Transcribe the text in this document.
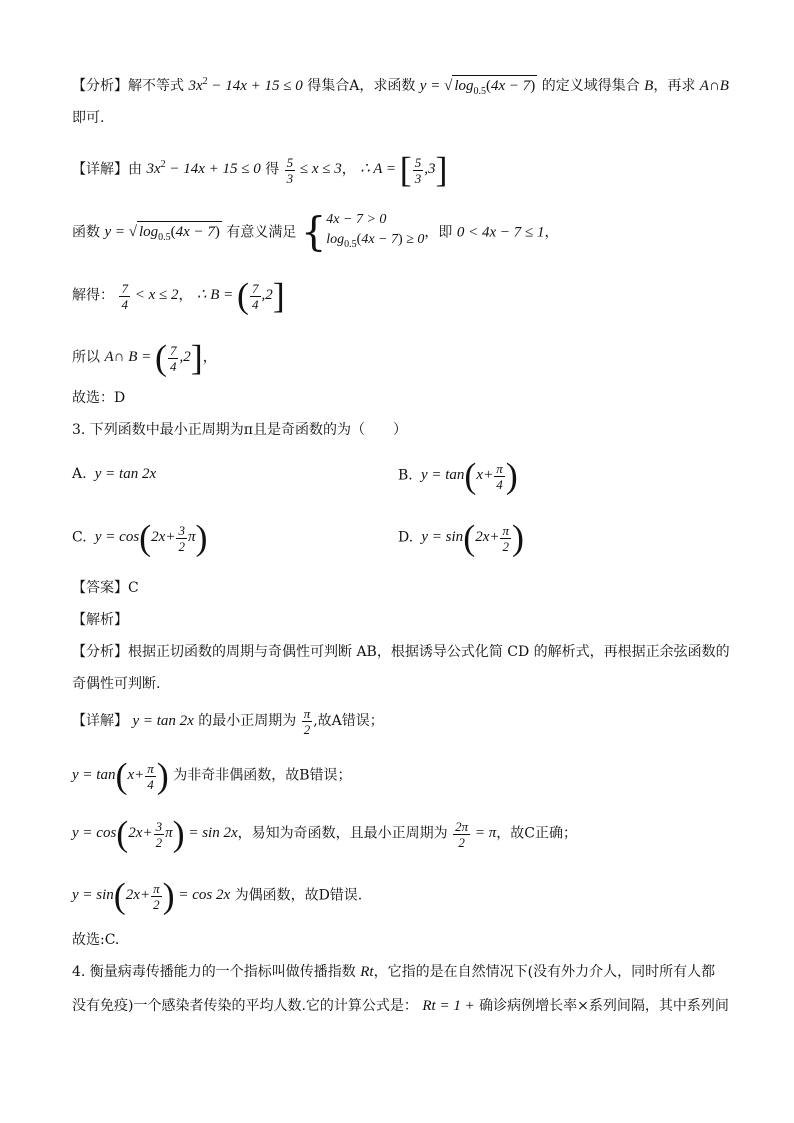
【分析】解不等式 $3x^2 - 14x + 15 \le 0$ 得集合A，求函数 y = √ $\log_{0.5}(4x - 7)$ 的定义域得集合 B，再求 A∩B
即可.
【详解】由 $3x^2 - 14x + 15 \le 0$ 得 $\frac{5}{3} \le x \le 3$， ∴ A = [ $\frac{5}{3} ,3$]
函数 y = √ $\log_{0.5}(4x - 7)$ 有意义满足 { 4x − 7 > 0
$\log_{0.5}(4x - 7) \ge 0$ ，即 0 < 4x − 7 ≤ 1，
解得： $\frac{7}{4} < x \le 2$， ∴ B = ( $\frac{7}{4} ,2$]
所以 A∩ B = ( $\frac{7}{4} ,2$]，
故选：D
3. 下列函数中最小正周期为π且是奇函数的为（　　）
A.  y = tan 2x	B.  $y = \tan(x+ \frac{\pi}{4}$ )
C.  $y = \cos(2x+ \frac{3}{2} \pi)$	D.  $y = \sin(2x+ \frac{\pi}{2}$ )
【答案】C
【解析】
【分析】根据正切函数的周期与奇偶性可判断 AB，根据诱导公式化简 CD 的解析式，再根据正余弦函数的
奇偶性可判断.
【详解】 y = tan 2x 的最小正周期为 $\frac{\pi}{2}$ ,故A错误；
$y = \tan(x+ \frac{\pi}{4}$ ) 为非奇非偶函数，故B错误；
$y = \cos(2x+ \frac{3}{2} \pi) = \sin 2x$，易知为奇函数，且最小正周期为 $\frac{2\pi}{2} = \pi$，故C正确；
$y = \sin(2x+ \frac{\pi}{2}$ ) = cos 2x 为偶函数，故D错误.
故选:C.
4. 衡量病毒传播能力的一个指标叫做传播指数 Rt，它指的是在自然情况下(没有外力介人，同时所有人都
没有免疫)一个感染者传染的平均人数.它的计算公式是： Rt = 1 + 确诊病例增长率×系列间隔，其中系列间
